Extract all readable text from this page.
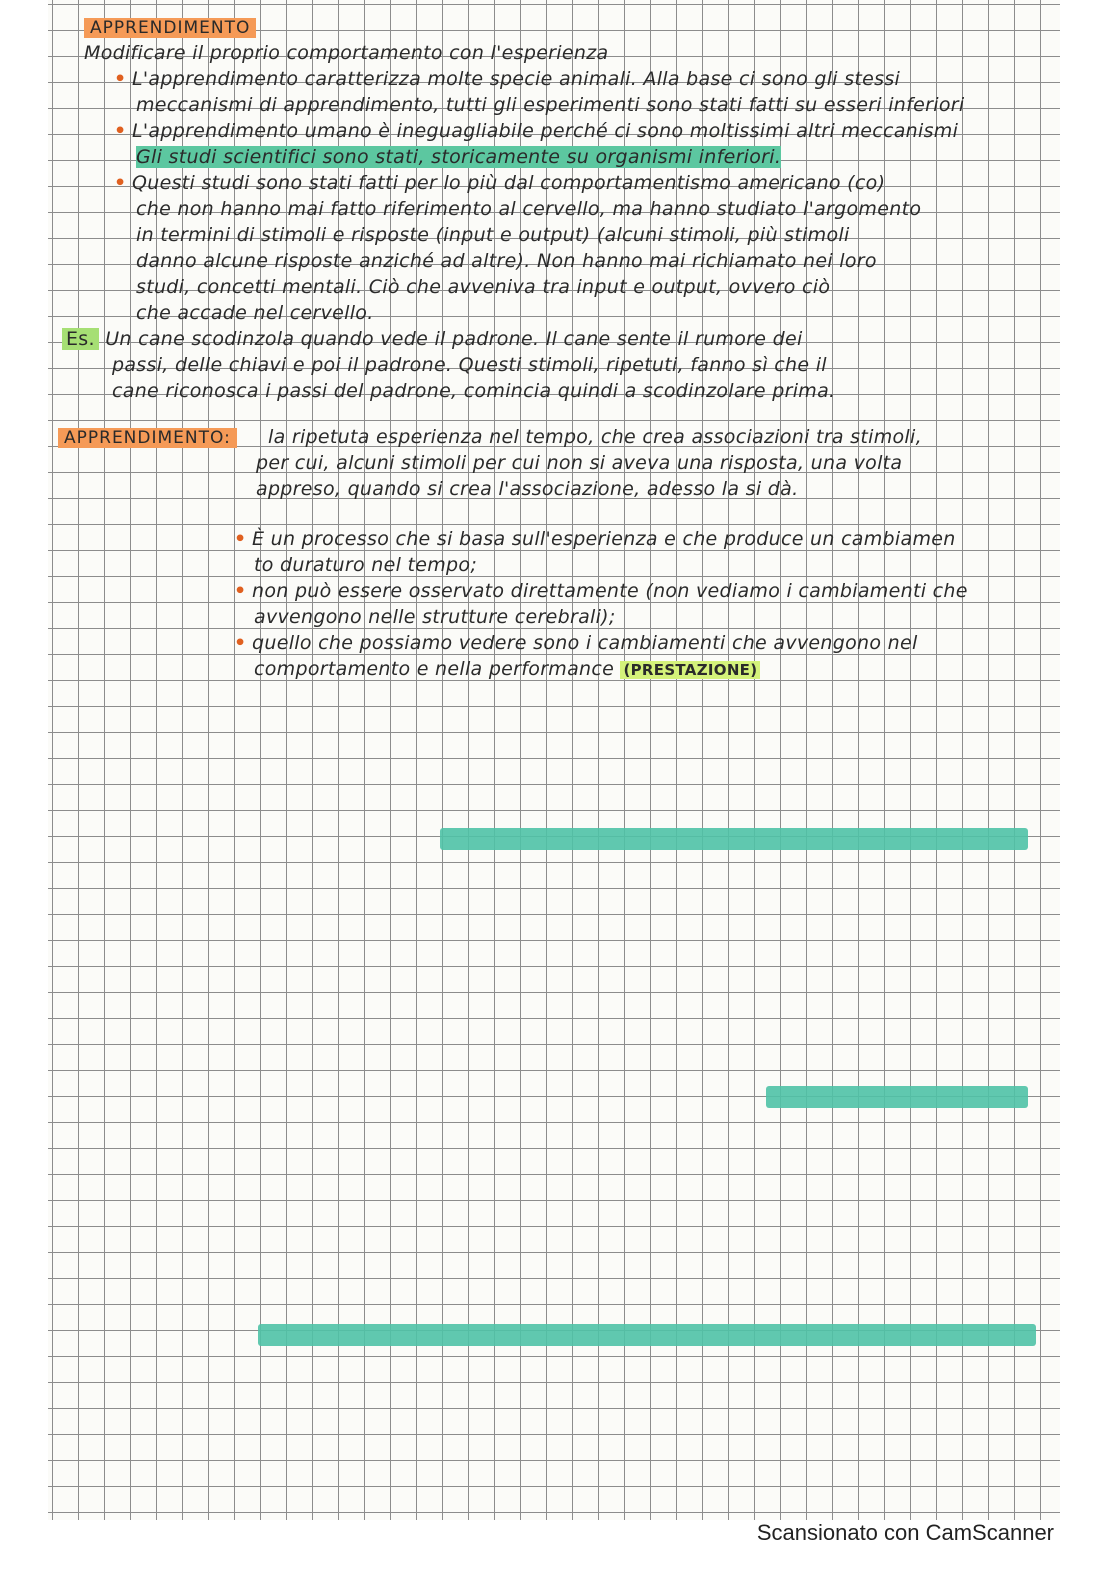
APPRENDIMENTO

Modificare il proprio comportamento con l'esperienza

• L'apprendimento caratterizza molte specie animali. Alla base ci sono gli stessi

meccanismi di apprendimento, tutti gli esperimenti sono stati fatti su esseri inferiori

• L'apprendimento umano è ineguagliabile perché ci sono moltissimi altri meccanismi

Gli studi scientifici sono stati, storicamente su organismi inferiori.

• Questi studi sono stati fatti per lo più dal comportamentismo americano (co)

che non hanno mai fatto riferimento al cervello, ma hanno studiato l'argomento

in termini di stimoli e risposte (input e output) (alcuni stimoli, più stimoli

danno alcune risposte anziché ad altre). Non hanno mai richiamato nei loro

studi, concetti mentali. Ciò che avveniva tra input e output, ovvero ciò

che accade nel cervello.

Es. Un cane scodinzola quando vede il padrone. Il cane sente il rumore dei

passi, delle chiavi e poi il padrone. Questi stimoli, ripetuti, fanno sì che il

cane riconosca i passi del padrone, comincia quindi a scodinzolare prima.

APPRENDIMENTO:	la ripetuta esperienza nel tempo, che crea associazioni tra stimoli,

per cui, alcuni stimoli per cui non si aveva una risposta, una volta

appreso, quando si crea l'associazione, adesso la si dà.

• È un processo che si basa sull'esperienza e che produce un cambiamen

to duraturo nel tempo;

• non può essere osservato direttamente (non vediamo i cambiamenti che

avvengono nelle strutture cerebrali);

• quello che possiamo vedere sono i cambiamenti che avvengono nel

comportamento e nella performance (PRESTAZIONE)

Scansionato con CamScanner
